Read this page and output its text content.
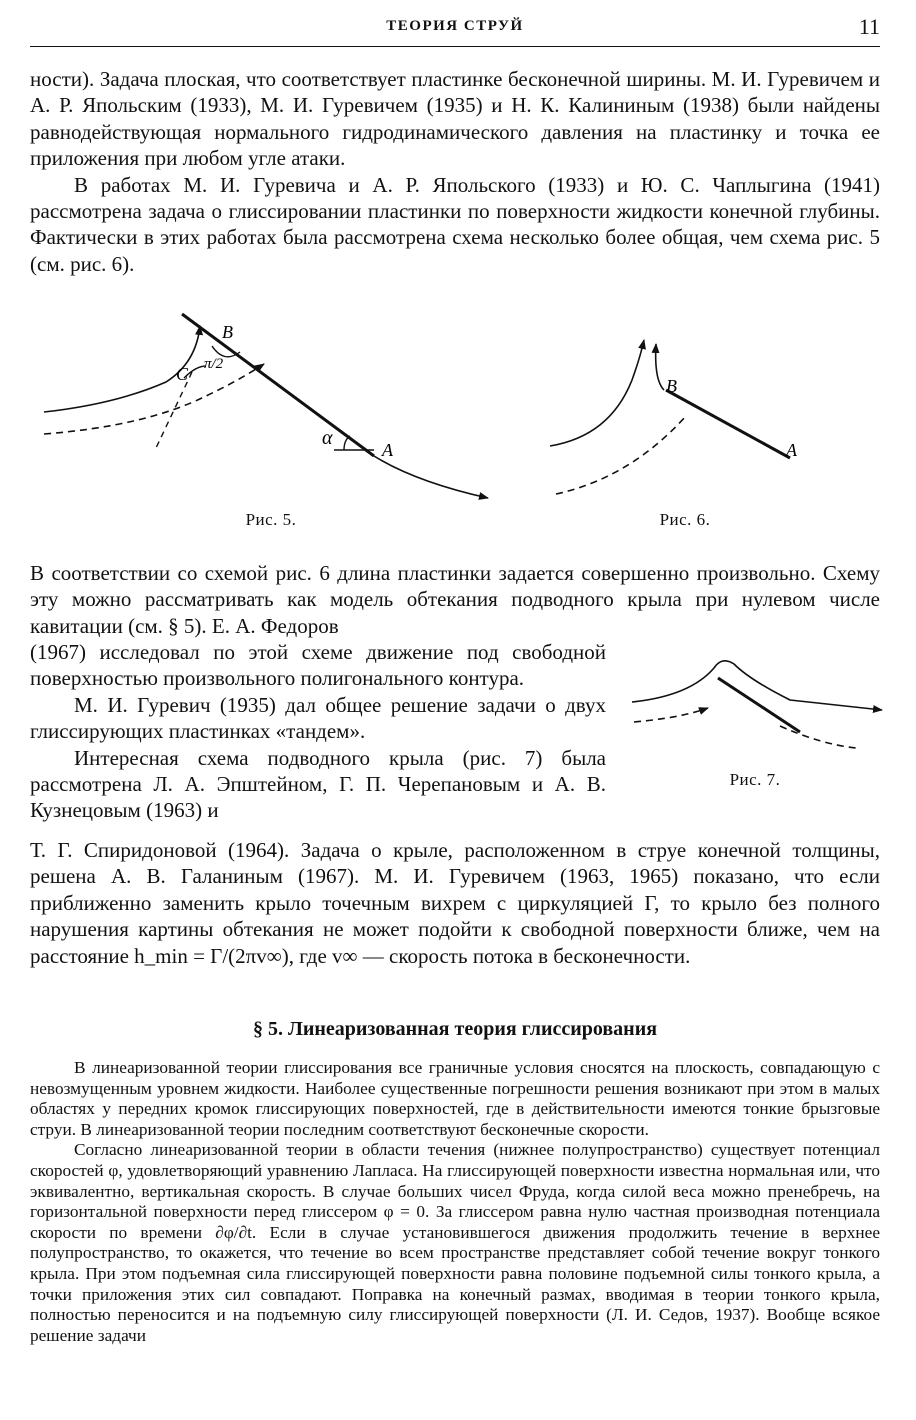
ТЕОРИЯ СТРУЙ	11

ности). Задача плоская, что соответствует пластинке бесконечной ширины. М. И. Гуревичем и А. Р. Япольским (1933), М. И. Гуревичем (1935) и Н. К. Калининым (1938) были найдены равнодействующая нормального гидродинамического давления на пластинку и точка ее приложения при любом угле атаки.

В работах М. И. Гуревича и А. Р. Япольского (1933) и Ю. С. Чаплыгина (1941) рассмотрена задача о глиссировании пластинки по поверхности жидкости конечной глубины. Фактически в этих работах была рассмотрена схема несколько более общая, чем схема рис. 5 (см. рис. 6).

B
C π/2
α
A
Рис. 5.
B
A
Рис. 6.

В соответствии со схемой рис. 6 длина пластинки задается совершенно произвольно. Схему эту можно рассматривать как модель обтекания подводного крыла при нулевом числе кавитации (см. § 5). Е. А. Федоров

(1967) исследовал по этой схеме движение под свободной поверхностью произвольного полигонального контура.

М. И. Гуревич (1935) дал общее решение задачи о двух глиссирующих пластинках «тандем».

Интересная схема подводного крыла (рис. 7) была рассмотрена Л. А. Эпштейном, Г. П. Черепановым и А. В. Кузнецовым (1963) и

Рис. 7.

Т. Г. Спиридоновой (1964). Задача о крыле, расположенном в струе конечной толщины, решена А. В. Галаниным (1967). М. И. Гуревичем (1963, 1965) показано, что если приближенно заменить крыло точечным вихрем с циркуляцией Г, то крыло без полного нарушения картины обтекания не может подойти к свободной поверхности ближе, чем на расстояние h_min = Г/(2πv∞), где v∞ — скорость потока в бесконечности.

§ 5. Линеаризованная теория глиссирования

В линеаризованной теории глиссирования все граничные условия сносятся на плоскость, совпадающую с невозмущенным уровнем жидкости. Наиболее существенные погрешности решения возникают при этом в малых областях у передних кромок глиссирующих поверхностей, где в действительности имеются тонкие брызговые струи. В линеаризованной теории последним соответствуют бесконечные скорости.

Согласно линеаризованной теории в области течения (нижнее полупространство) существует потенциал скоростей φ, удовлетворяющий уравнению Лапласа. На глиссирующей поверхности известна нормальная или, что эквивалентно, вертикальная скорость. В случае больших чисел Фруда, когда силой веса можно пренебречь, на горизонтальной поверхности перед глиссером φ = 0. За глиссером равна нулю частная производная потенциала скорости по времени ∂φ/∂t. Если в случае установившегося движения продолжить течение в верхнее полупространство, то окажется, что течение во всем пространстве представляет собой течение вокруг тонкого крыла. При этом подъемная сила глиссирующей поверхности равна половине подъемной силы тонкого крыла, а точки приложения этих сил совпадают. Поправка на конечный размах, вводимая в теории тонкого крыла, полностью переносится и на подъемную силу глиссирующей поверхности (Л. И. Седов, 1937). Вообще всякое решение задачи
